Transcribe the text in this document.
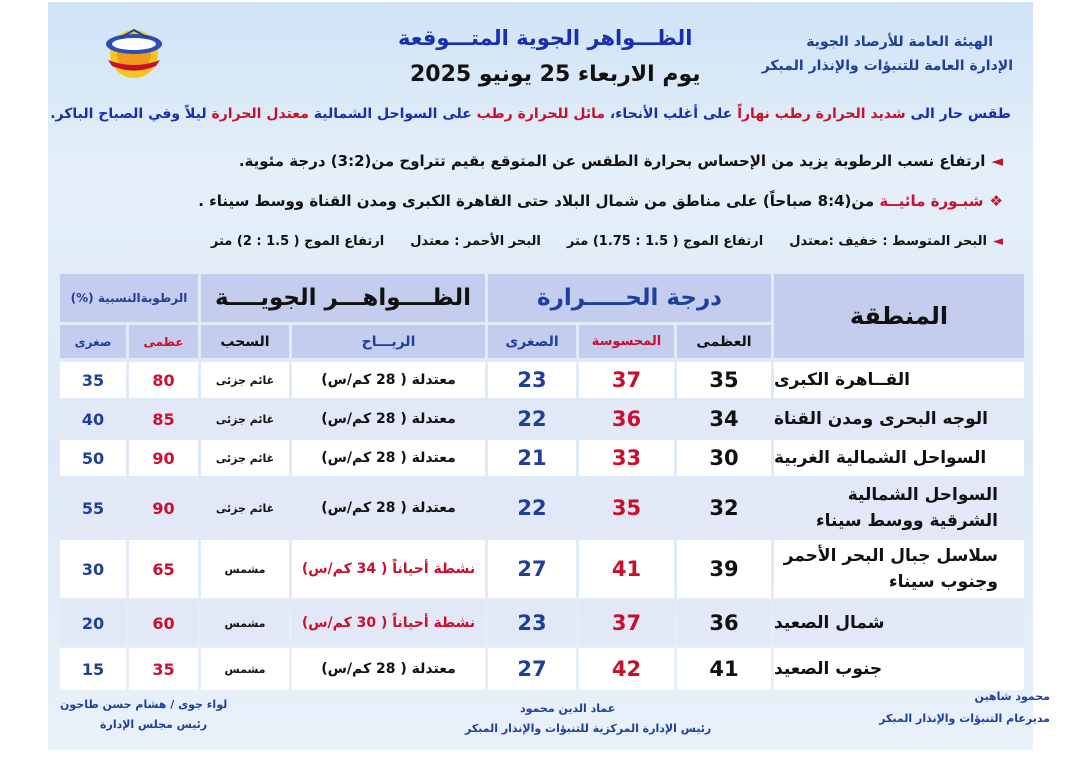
الهيئة العامة للأرصاد الجوية
الإدارة العامة للتنبؤات والإنذار المبكر
الظـــواهر الجوية المتـــوقعة
يوم الاربعاء 25 يونيو 2025
طقس حار الى شديد الحرارة رطب نهاراً على أغلب الأنحاء، مائل للحرارة رطب على السواحل الشمالية معتدل الحرارة ليلاً وفي الصباح الباكر.
◄ارتفاع نسب الرطوبة يزيد من الإحساس بحرارة الطقس عن المتوقع بقيم تتراوح من(3:2) درجة مئوية.
❖شبـورة مائيــة من(8:4 صباحاً) على مناطق من شمال البلاد حتى القاهرة الكبرى ومدن القناة ووسط سيناء .
◄البحر المتوسط : خفيف :معتدلارتفاع الموج ( 1.5 : 1.75) مترالبحر الأحمر : معتدلارتفاع الموج ( 1.5 : 2) متر
الرطوبةالنسبية (%)	الظــــواهـــر الجويــــة	درجة الحـــــرارة
المنطقة
صغرى	عظمى	السحب	الريـــاح	الصغرى	المحسوسة	العظمى
35	80	غائم جزئى	معتدلة ( 28 كم/س)	23	37	35	القــاهرة الكبرى
40	85	غائم جزئى	معتدلة ( 28 كم/س)	22	36	34	الوجه البحرى ومدن القناة
50	90	غائم جزئى	معتدلة ( 28 كم/س)	21	33	30	السواحل الشمالية الغربية
55	90	غائم جزئى	معتدلة ( 28 كم/س)	22	35	32
السواحل الشمالية الشرقية ووسط سيناء
30	65	مشمس	نشطة أحياناً ( 34 كم/س)	27	41	39
سلاسل جبال البحر الأحمر وجنوب سيناء
20	60	مشمس	نشطة أحياناً ( 30 كم/س)	23	37	36	شمال الصعيد
15	35	مشمس	معتدلة ( 28 كم/س)	27	42	41	جنوب الصعيد
محمود شاهين
مديرعام التنبؤات والإنذار المبكر
عماد الدين محمود
رئيس الإدارة المركزية للتنبؤات والإنذار المبكر
لواء جوى / هشام حسن طاحون
رئيس مجلس الإدارة
